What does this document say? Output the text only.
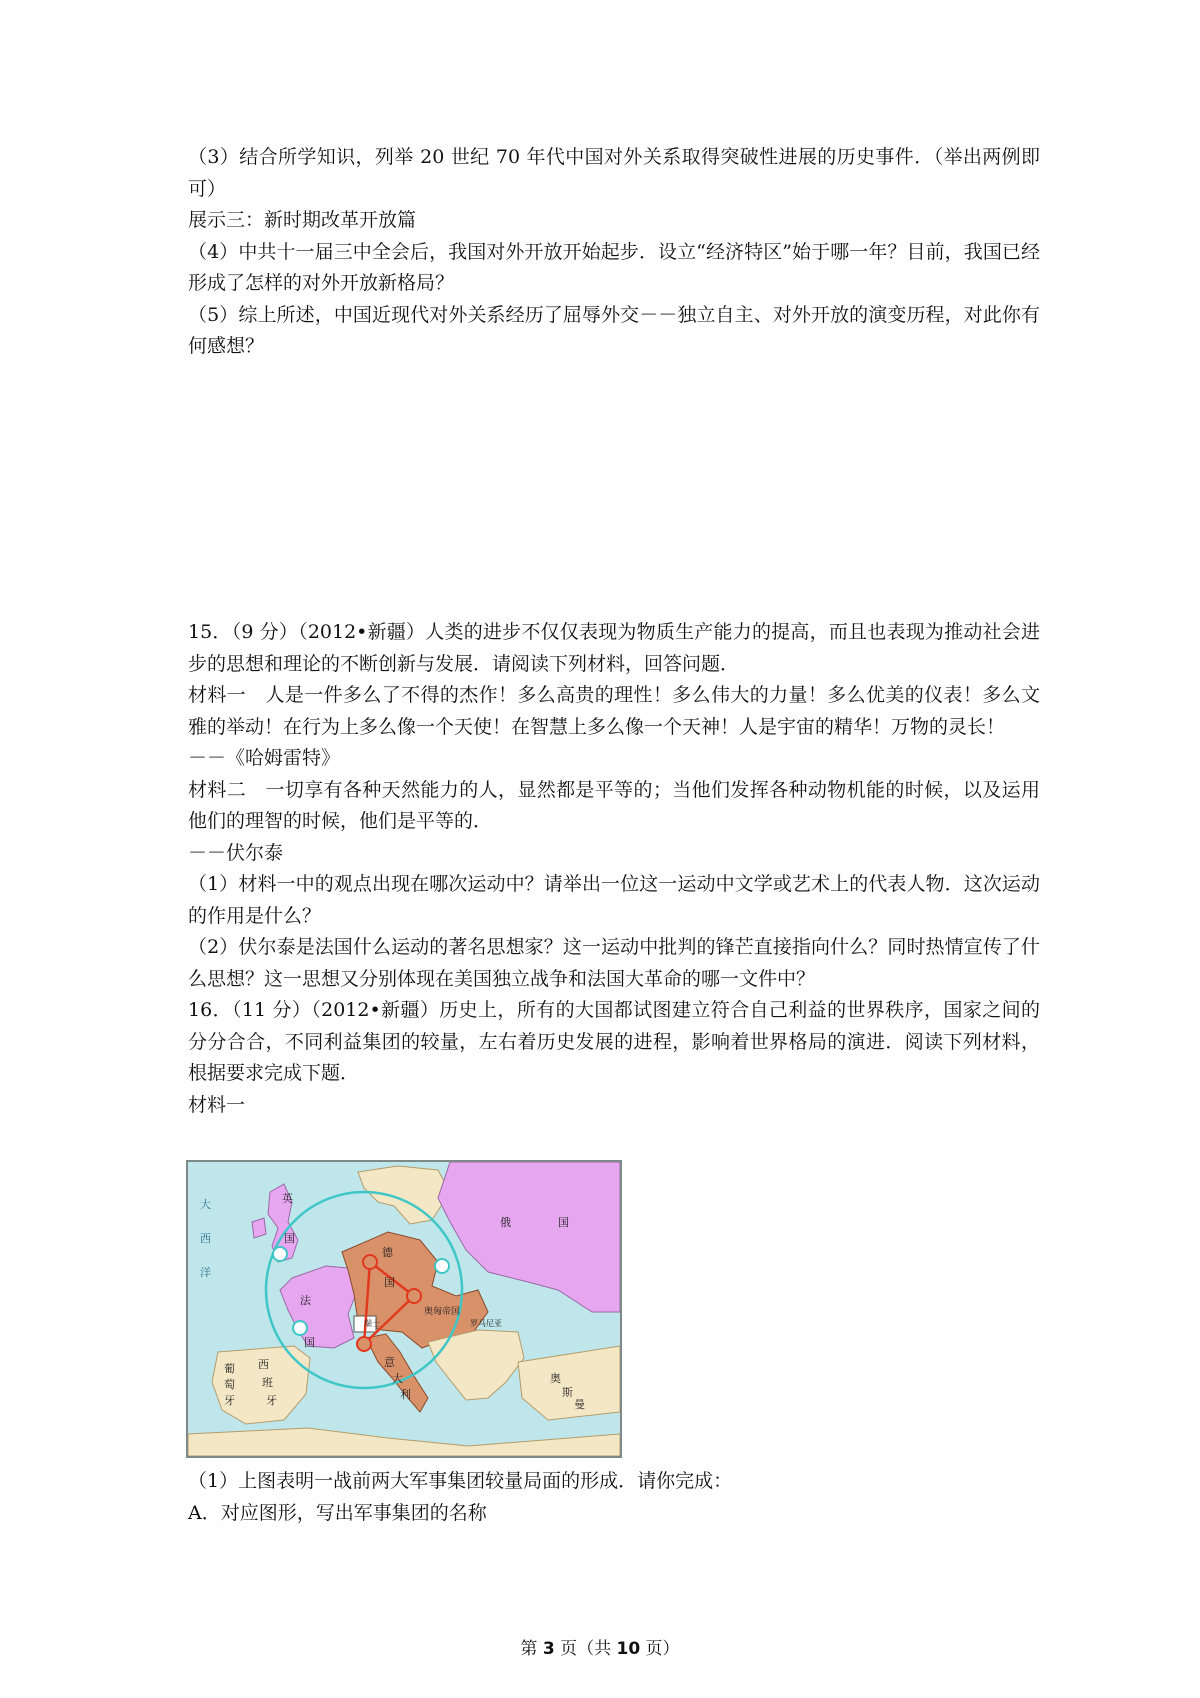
（3）结合所学知识，列举 20 世纪 70 年代中国对外关系取得突破性进展的历史事件．（举出两例即可）

展示三：新时期改革开放篇

（4）中共十一届三中全会后，我国对外开放开始起步．设立“经济特区”始于哪一年？目前，我国已经形成了怎样的对外开放新格局？

（5）综上所述，中国近现代对外关系经历了屈辱外交－－独立自主、对外开放的演变历程，对此你有何感想？

15．（9 分）（2012•新疆）人类的进步不仅仅表现为物质生产能力的提高，而且也表现为推动社会进步的思想和理论的不断创新与发展．请阅读下列材料，回答问题．

材料一　人是一件多么了不得的杰作！多么高贵的理性！多么伟大的力量！多么优美的仪表！多么文雅的举动！在行为上多么像一个天使！在智慧上多么像一个天神！人是宇宙的精华！万物的灵长！

－－《哈姆雷特》

材料二　一切享有各种天然能力的人，显然都是平等的；当他们发挥各种动物机能的时候，以及运用他们的理智的时候，他们是平等的．

－－伏尔泰

（1）材料一中的观点出现在哪次运动中？请举出一位这一运动中文学或艺术上的代表人物．这次运动的作用是什么？

（2）伏尔泰是法国什么运动的著名思想家？这一运动中批判的锋芒直接指向什么？同时热情宣传了什么思想？这一思想又分别体现在美国独立战争和法国大革命的哪一文件中？

16．（11 分）（2012•新疆）历史上，所有的大国都试图建立符合自己利益的世界秩序，国家之间的分分合合，不同利益集团的较量，左右着历史发展的进程，影响着世界格局的演进．阅读下列材料，根据要求完成下题．

材料一

英
国
德
国
俄	国
法
国
奥匈帝国
瑞士
意
大
利
西
班
牙
葡
萄
牙
奥
斯
曼
罗马尼亚
大
西
洋

（1）上图表明一战前两大军事集团较量局面的形成．请你完成：

A．对应图形，写出军事集团的名称

第 3 页（共 10 页）
